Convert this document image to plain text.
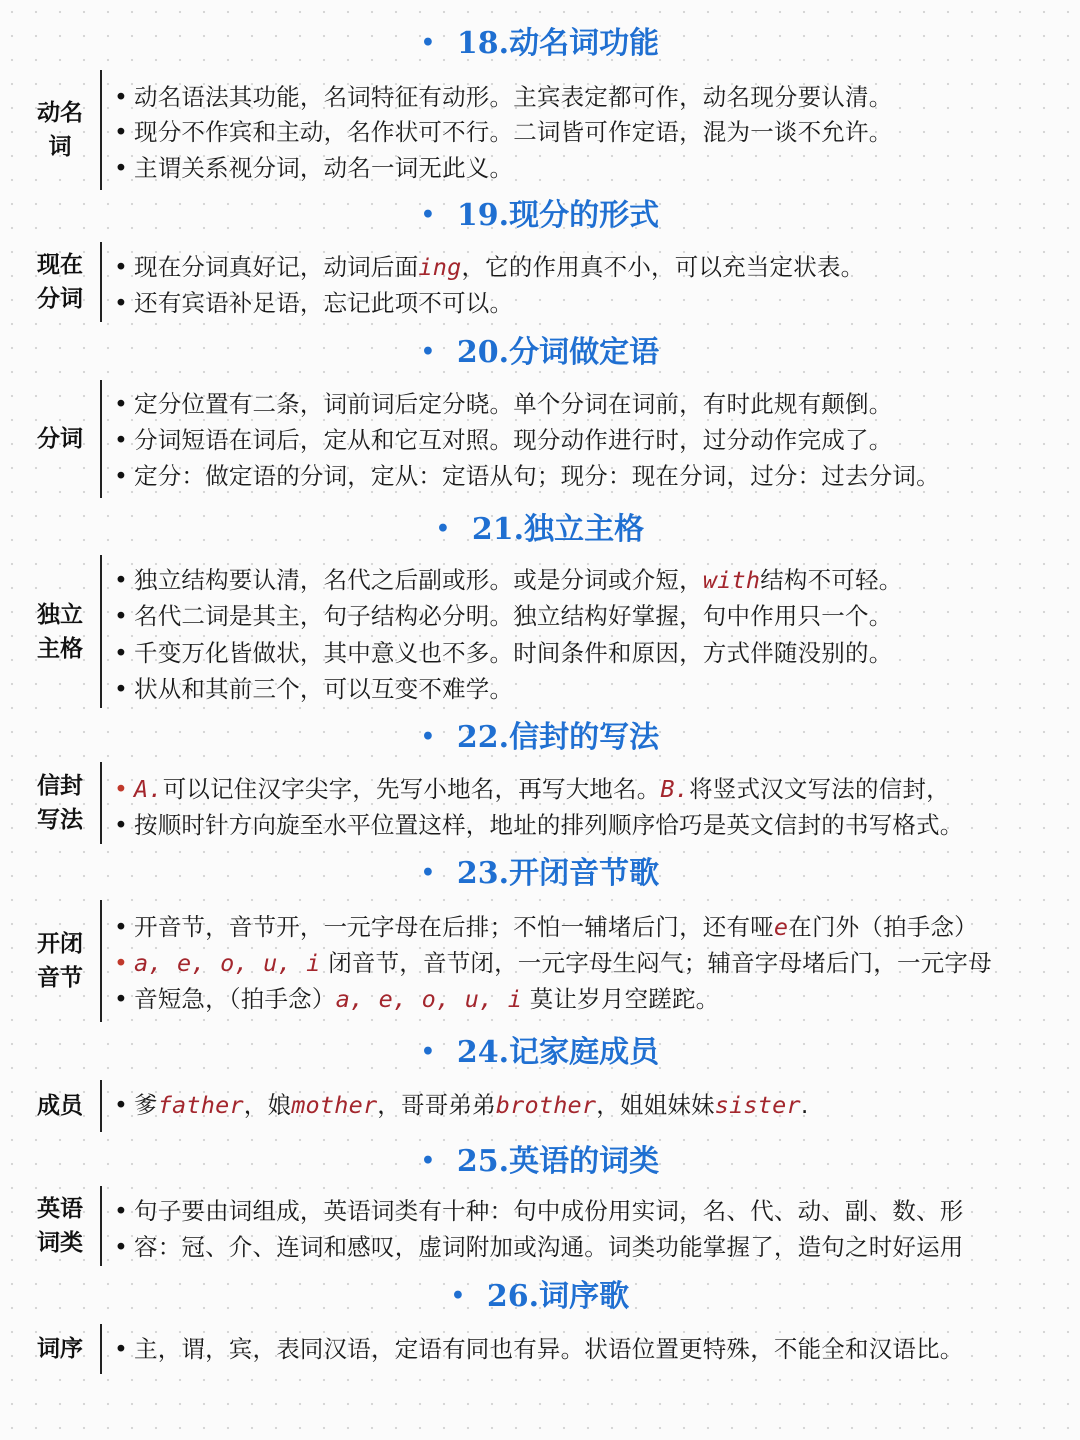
• 18.动名词功能
动名
词
• 动名语法其功能，名词特征有动形。主宾表定都可作，动名现分要认清。
• 现分不作宾和主动，名作状可不行。二词皆可作定语，混为一谈不允许。
• 主谓关系视分词，动名一词无此义。
• 19.现分的形式
现在
分词
• 现在分词真好记，动词后面ing，它的作用真不小，可以充当定状表。
• 还有宾语补足语，忘记此项不可以。
• 20.分词做定语
分词
• 定分位置有二条，词前词后定分晓。单个分词在词前，有时此规有颠倒。
• 分词短语在词后，定从和它互对照。现分动作进行时，过分动作完成了。
• 定分：做定语的分词，定从：定语从句；现分：现在分词，过分：过去分词。
• 21.独立主格
独立
主格
• 独立结构要认清，名代之后副或形。或是分词或介短，with结构不可轻。
• 名代二词是其主，句子结构必分明。独立结构好掌握，句中作用只一个。
• 千变万化皆做状，其中意义也不多。时间条件和原因，方式伴随没别的。
• 状从和其前三个，可以互变不难学。
• 22.信封的写法
信封
写法
• A.可以记住汉字尖字，先写小地名，再写大地名。B.将竖式汉文写法的信封，
• 按顺时针方向旋至水平位置这样，地址的排列顺序恰巧是英文信封的书写格式。
• 23.开闭音节歌
开闭
音节
• 开音节，音节开，一元字母在后排；不怕一辅堵后门，还有哑e在门外（拍手念）
• a, e, o, u, i 闭音节，音节闭，一元字母生闷气；辅音字母堵后门，一元字母
• 音短急，（拍手念）a, e, o, u, i 莫让岁月空蹉跎。
• 24.记家庭成员
成员	• 爹father，娘mother，哥哥弟弟brother，姐姐妹妹sister.
• 25.英语的词类
英语
词类
• 句子要由词组成，英语词类有十种：句中成份用实词，名、代、动、副、数、形
• 容：冠、介、连词和感叹，虚词附加或沟通。词类功能掌握了，造句之时好运用
• 26.词序歌
词序	• 主，谓，宾，表同汉语，定语有同也有异。状语位置更特殊，不能全和汉语比。
